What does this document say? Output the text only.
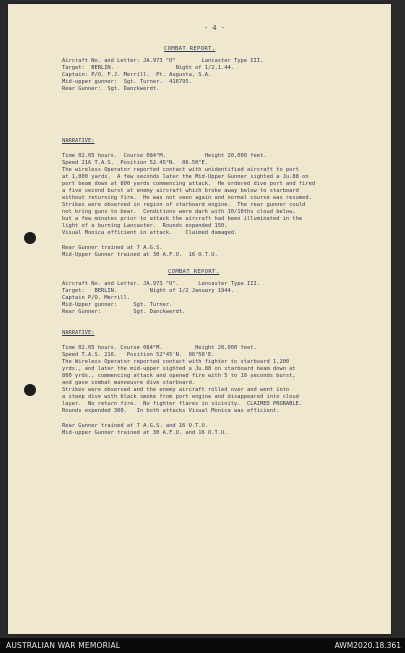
- 4 -
COMBAT REPORT.
Aircraft No. and Letter: JA.973 "O"        Lancaster Type III.
Target:  BERLIN.                   Night of 1/2.1.44.
Captain: P/O. F.J. Merrill.  Pt. Augusta, S.A.
Mid-upper gunner:  Sgt. Turner.  416795.
Rear Gunner:  Sgt. Danckwerdt.
NARRATIVE:
Time 02.05 hours.  Course 084°M.            Height 20,000 feet.
Speed 216 T.A.S.  Position 52.45°N.  06.50°E.
The wireless Operator reported contact with unidentified aircraft to port
at 1,000 yards.  A few seconds later the Mid-Upper Gunner sighted a Ju.88 on
port beam down at 800 yards commencing attack.  He ordered dive port and fired
a five second burst at enemy aircraft which broke away below to starboard
without returning fire.  He was not seen again and normal course was resumed.
Strikes were observed in region of starboard engine.  The rear gunner could
not bring guns to bear.  Conditions were dark with 10/10ths cloud below,
but a few minutes prior to attack the aircraft had been illuminated in the
light of a burning Lancaster.  Rounds expended 150.
Visual Monica efficient in attack.    Claimed damaged.
Rear Gunner trained at 7 A.G.S.
Mid-Upper Gunner trained at 30 A.F.U.  16 O.T.U.
COMBAT REPORT.
Aircraft No. and Letter. JA.973 "O".      Lancaster Type III.
Target:   BERLIN.          Night of 1/2 January 1944.
Captain P/O. Merrill.
Mid-Upper gunner:     Sgt. Turner.
Rear Gunner:          Sgt. Danckwerdt.
NARRATIVE:
Time 02.05 hours. Course 084°M.          Height 20,000 feet.
Speed T.A.S. 216.   Position 52°45'N.  06°50'E.
The Wireless Operator reported contact with fighter to starboard 1,200
yrds., and later the mid-upper sighted a Ju.88 on starboard beam down at
800 yrds., commencing attack and opened fire with 5 to 10 seconds burst,
and gave combat manoeuvre dive starboard.
Strikes were observed and the enemy aircraft rolled over and went into
a steep dive with black smoke from port engine and disappeared into cloud
layer.  No return fire.  No fighter flares in vicinity.  CLAIMED PROBABLE.
Rounds expended 300.   In both attacks Visual Monica was efficient.
Rear Gunner trained at 7 A.G.S. and 16 O.T.U.
Mid-upper Gunner trained at 30 A.F.U. and 16 O.T.U.
AUSTRALIAN WAR MEMORIAL	AWM2020.18.361
